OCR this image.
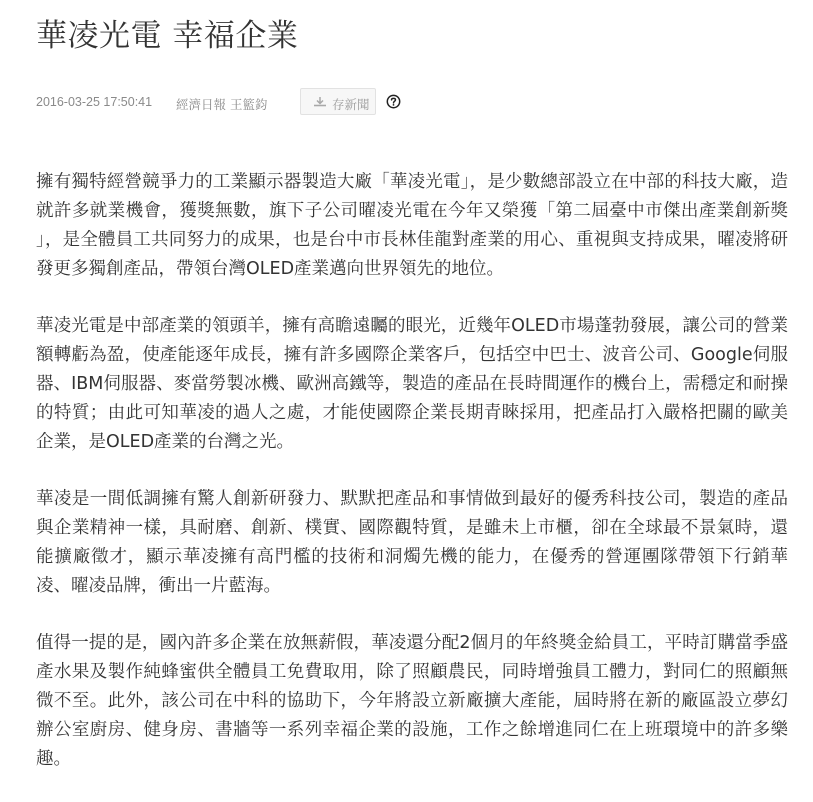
華凌光電 幸福企業
2016-03-25 17:50:41 經濟日報 王籃鈞	存新聞

擁有獨特經營競爭力的工業顯示器製造大廠「華凌光電」，是少數總部設立在中部的科技大廠，造就許多就業機會，獲獎無數，旗下子公司曜凌光電在今年又榮獲「第二屆臺中市傑出產業創新獎 」，是全體員工共同努力的成果，也是台中市長林佳龍對產業的用心、重視與支持成果，曜凌將研發更多獨創產品，帶領台灣OLED產業邁向世界領先的地位。

華凌光電是中部產業的領頭羊，擁有高瞻遠矚的眼光，近幾年OLED市場蓬勃發展，讓公司的營業額轉虧為盈，使產能逐年成長，擁有許多國際企業客戶，包括空中巴士、波音公司、Google伺服器、IBM伺服器、麥當勞製冰機、歐洲高鐵等，製造的產品在長時間運作的機台上，需穩定和耐操的特質；由此可知華凌的過人之處，才能使國際企業長期青睞採用，把產品打入嚴格把關的歐美企業，是OLED產業的台灣之光。

華凌是一間低調擁有驚人創新研發力、默默把產品和事情做到最好的優秀科技公司，製造的產品與企業精神一樣，具耐磨、創新、樸實、國際觀特質，是雖未上市櫃，卻在全球最不景氣時，還能擴廠徵才，顯示華凌擁有高門檻的技術和洞燭先機的能力，在優秀的營運團隊帶領下行銷華凌、曜凌品牌，衝出一片藍海。

值得一提的是，國內許多企業在放無薪假，華凌還分配2個月的年終獎金給員工，平時訂購當季盛產水果及製作純蜂蜜供全體員工免費取用，除了照顧農民，同時增強員工體力，對同仁的照顧無微不至。此外，該公司在中科的協助下，今年將設立新廠擴大產能，屆時將在新的廠區設立夢幻辦公室廚房、健身房、書牆等一系列幸福企業的設施，工作之餘增進同仁在上班環境中的許多樂趣。
